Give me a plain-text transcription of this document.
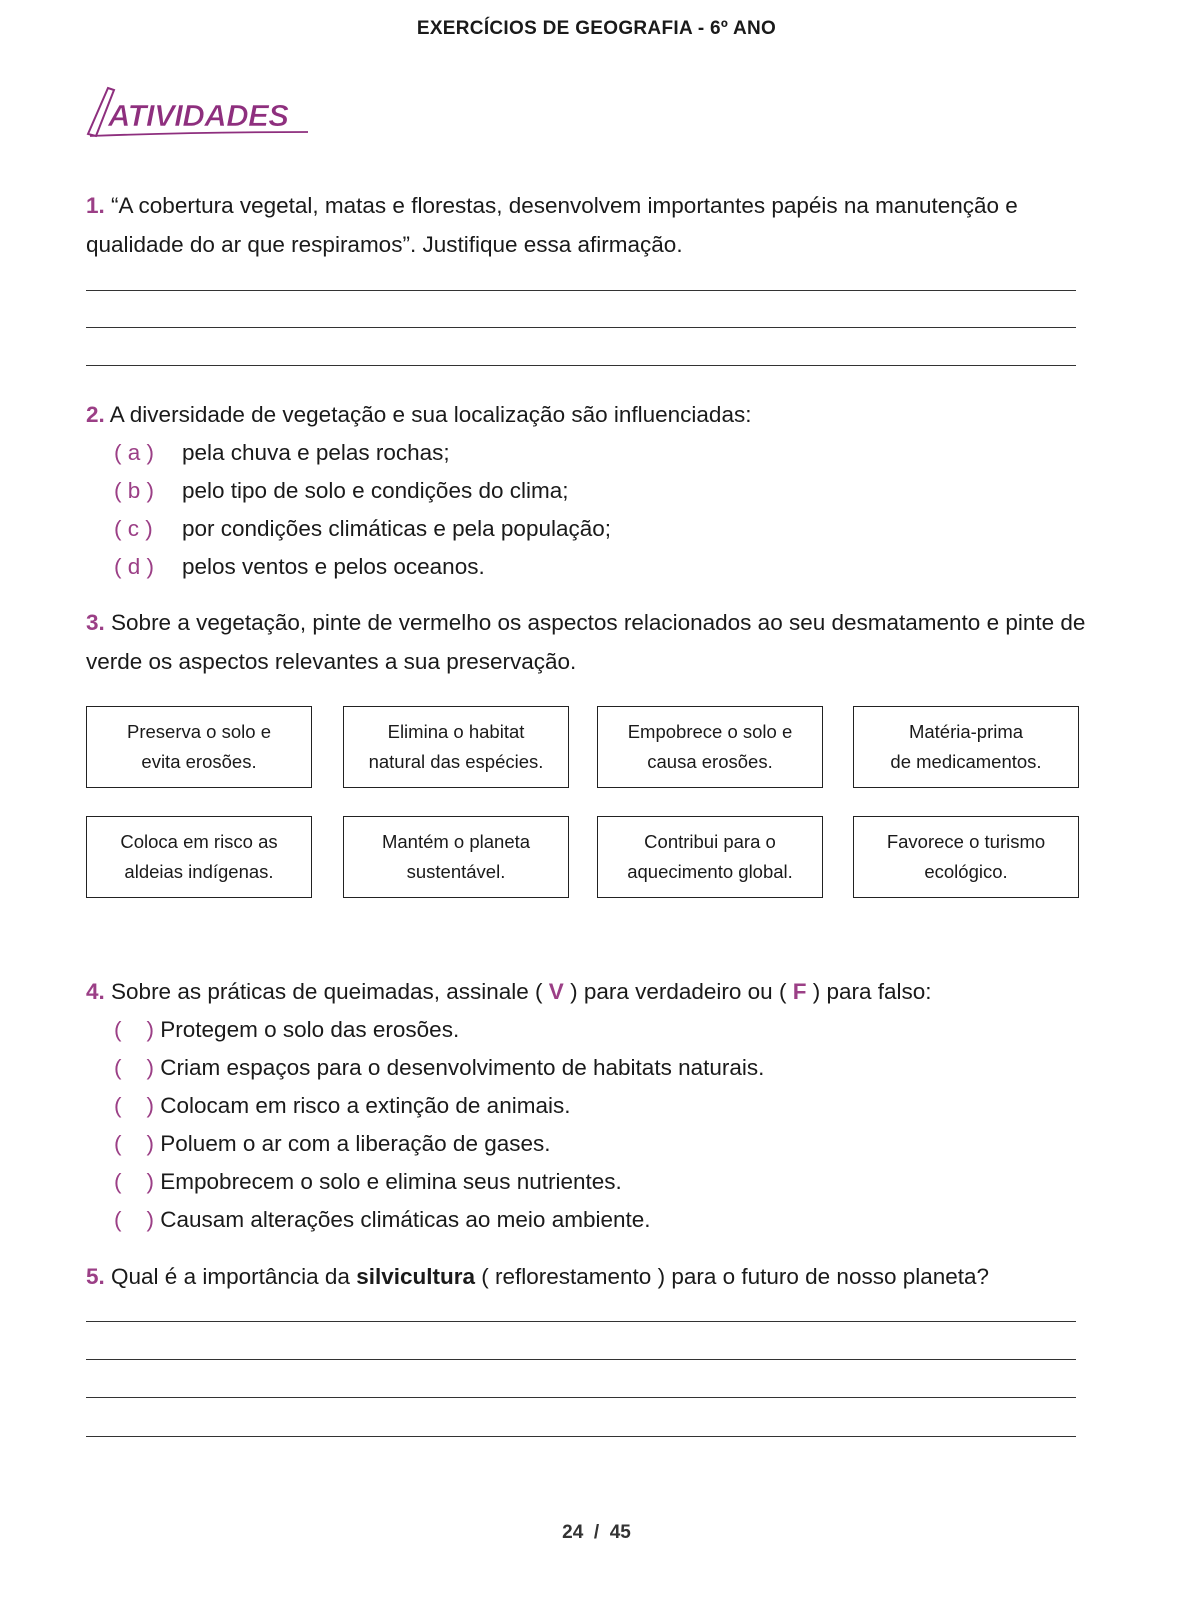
EXERCÍCIOS DE GEOGRAFIA - 6º ANO
ATIVIDADES
1. “A cobertura vegetal, matas e florestas, desenvolvem importantes papéis na manutenção e qualidade do ar que respiramos”. Justifique essa afirmação.
2. A diversidade de vegetação e sua localização são influenciadas:
( a ) pela chuva e pelas rochas;
( b ) pelo tipo de solo e condições do clima;
( c ) por condições climáticas e pela população;
( d ) pelos ventos e pelos oceanos.
3. Sobre a vegetação, pinte de vermelho os aspectos relacionados ao seu desmatamento e pinte de verde os aspectos relevantes a sua preservação.
Preserva o solo e
evita erosões.
Elimina o habitat
natural das espécies.
Empobrece o solo e
causa erosões.
Matéria-prima
de medicamentos.
Coloca em risco as
aldeias indígenas.
Mantém o planeta
sustentável.
Contribui para o
aquecimento global.
Favorece o turismo
ecológico.
4. Sobre as práticas de queimadas, assinale ( V ) para verdadeiro ou ( F ) para falso:
( ) Protegem o solo das erosões.
( ) Criam espaços para o desenvolvimento de habitats naturais.
( ) Colocam em risco a extinção de animais.
( ) Poluem o ar com a liberação de gases.
( ) Empobrecem o solo e elimina seus nutrientes.
( ) Causam alterações climáticas ao meio ambiente.
5. Qual é a importância da silvicultura ( reflorestamento ) para o futuro de nosso planeta?
24 / 45
